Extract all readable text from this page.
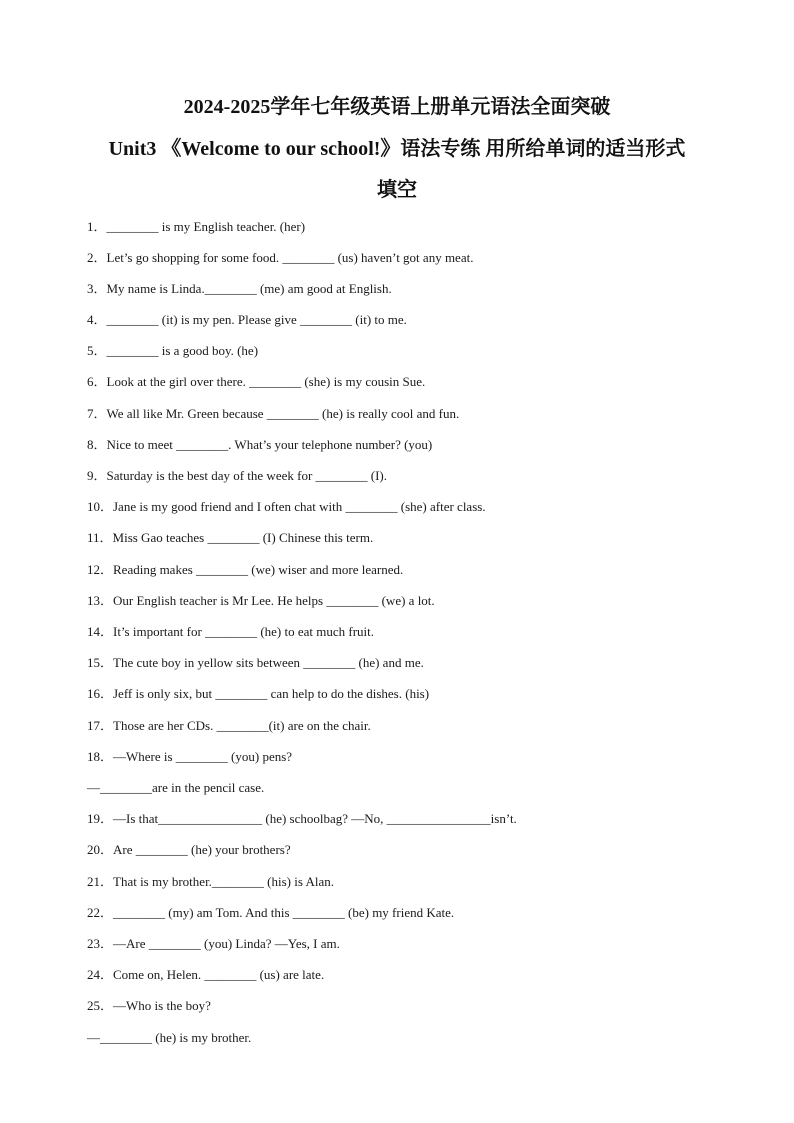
2024-2025学年七年级英语上册单元语法全面突破
Unit3 《Welcome to our school!》语法专练 用所给单词的适当形式
填空
1．________ is my English teacher. (her)
2．Let’s go shopping for some food. ________ (us) haven’t got any meat.
3．My name is Linda.________ (me) am good at English.
4．________ (it) is my pen. Please give ________ (it) to me.
5．________ is a good boy. (he)
6．Look at the girl over there. ________ (she) is my cousin Sue.
7．We all like Mr. Green because ________ (he) is really cool and fun.
8．Nice to meet ________. What’s your telephone number? (you)
9．Saturday is the best day of the week for ________ (I).
10．Jane is my good friend and I often chat with ________ (she) after class.
11．Miss Gao teaches ________ (I) Chinese this term.
12．Reading makes ________ (we) wiser and more learned.
13．Our English teacher is Mr Lee. He helps ________ (we) a lot.
14．It’s important for ________ (he) to eat much fruit.
15．The cute boy in yellow sits between ________ (he) and me.
16．Jeff is only six, but ________ can help to do the dishes. (his)
17．Those are her CDs. ________(it) are on the chair.
18．—Where is ________ (you) pens?
—________are in the pencil case.
19．—Is that________________ (he) schoolbag? —No, ________________isn’t.
20．Are ________ (he) your brothers?
21．That is my brother.________ (his) is Alan.
22．________ (my) am Tom. And this ________ (be) my friend Kate.
23．—Are ________ (you) Linda? —Yes, I am.
24．Come on, Helen. ________ (us) are late.
25．—Who is the boy?
—________ (he) is my brother.
